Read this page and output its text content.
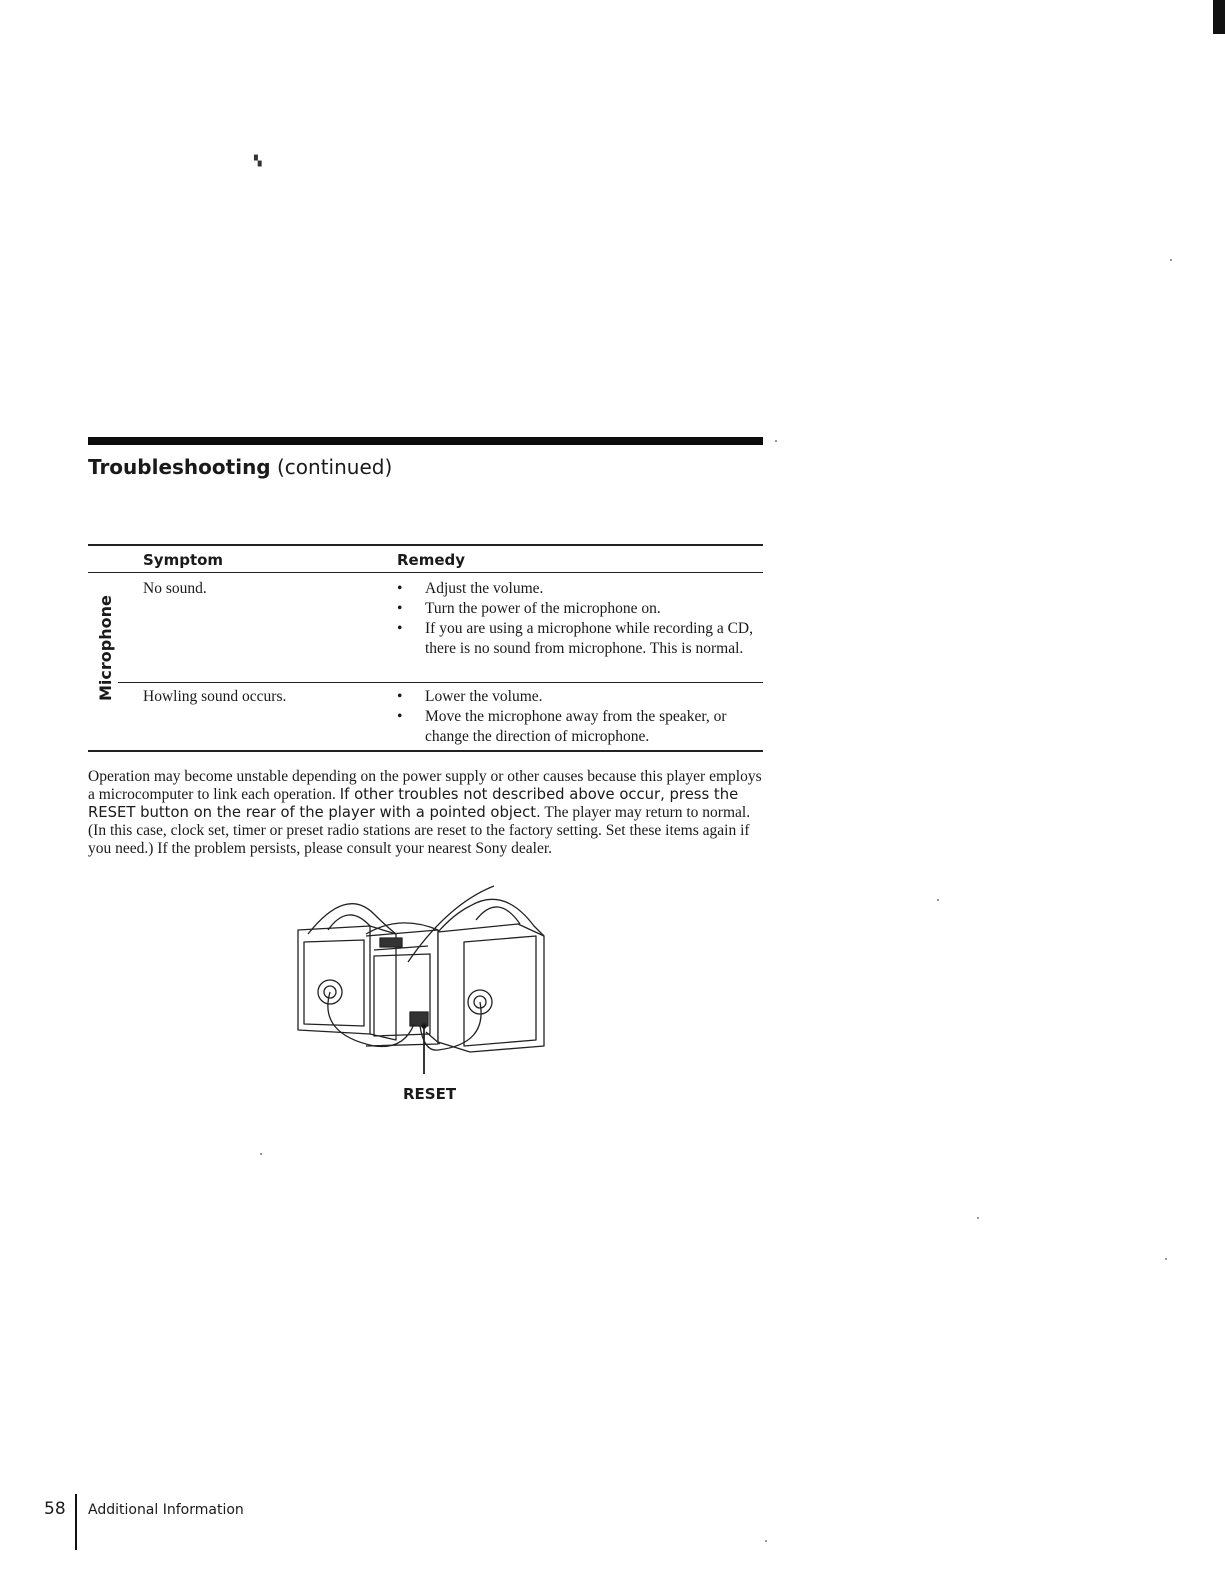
▝▖
Troubleshooting (continued)
Symptom	Remedy
Microphone
No sound.	•	Adjust the volume.
•	Turn the power of the microphone on.
•	If you are using a microphone while recording a CD, there is no sound from microphone. This is normal.
Howling sound occurs.	•	Lower the volume.
•	Move the microphone away from the speaker, or change the direction of microphone.

Operation may become unstable depending on the power supply or other causes because this player employs a microcomputer to link each operation. If other troubles not described above occur, press the RESET button on the rear of the player with a pointed object. The player may return to normal. (In this case, clock set, timer or preset radio stations are reset to the factory setting. Set these items again if you need.) If the problem persists, please consult your nearest Sony dealer.

RESET
58 Additional Information
